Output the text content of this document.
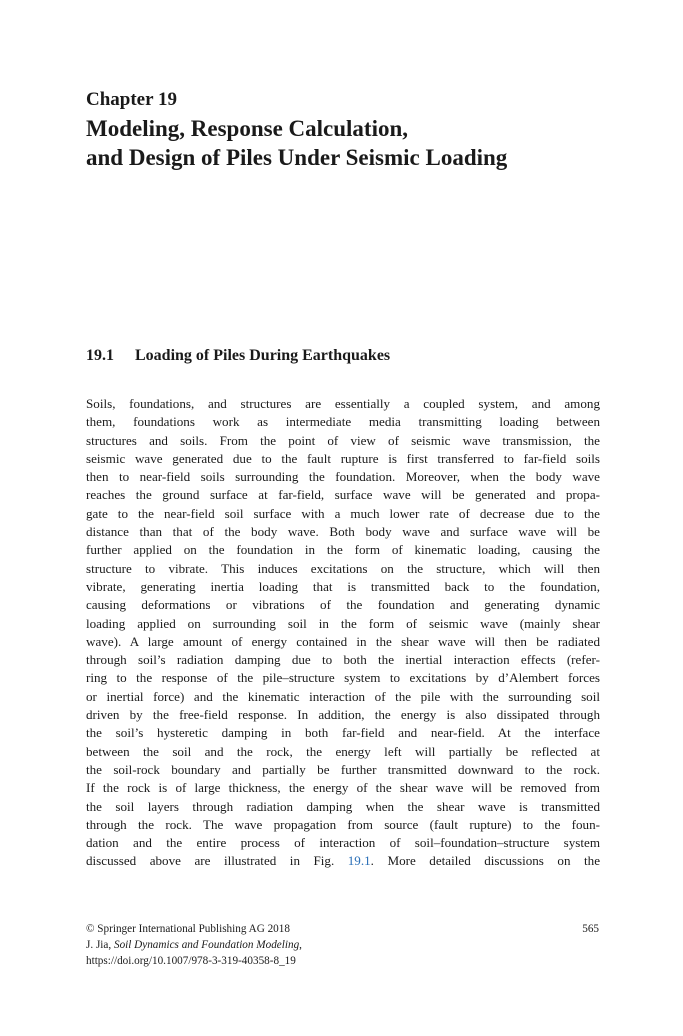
Chapter 19
Modeling, Response Calculation,
and Design of Piles Under Seismic Loading
19.1 Loading of Piles During Earthquakes
Soils, foundations, and structures are essentially a coupled system, and among
them, foundations work as intermediate media transmitting loading between
structures and soils. From the point of view of seismic wave transmission, the
seismic wave generated due to the fault rupture is first transferred to far-field soils
then to near-field soils surrounding the foundation. Moreover, when the body wave
reaches the ground surface at far-field, surface wave will be generated and propa-
gate to the near-field soil surface with a much lower rate of decrease due to the
distance than that of the body wave. Both body wave and surface wave will be
further applied on the foundation in the form of kinematic loading, causing the
structure to vibrate. This induces excitations on the structure, which will then
vibrate, generating inertia loading that is transmitted back to the foundation,
causing deformations or vibrations of the foundation and generating dynamic
loading applied on surrounding soil in the form of seismic wave (mainly shear
wave). A large amount of energy contained in the shear wave will then be radiated
through soil’s radiation damping due to both the inertial interaction effects (refer-
ring to the response of the pile–structure system to excitations by d’Alembert forces
or inertial force) and the kinematic interaction of the pile with the surrounding soil
driven by the free-field response. In addition, the energy is also dissipated through
the soil’s hysteretic damping in both far-field and near-field. At the interface
between the soil and the rock, the energy left will partially be reflected at
the soil-rock boundary and partially be further transmitted downward to the rock.
If the rock is of large thickness, the energy of the shear wave will be removed from
the soil layers through radiation damping when the shear wave is transmitted
through the rock. The wave propagation from source (fault rupture) to the foun-
dation and the entire process of interaction of soil–foundation–structure system
discussed above are illustrated in Fig. 19.1. More detailed discussions on the
© Springer International Publishing AG 2018
J. Jia, Soil Dynamics and Foundation Modeling,
https://doi.org/10.1007/978-3-319-40358-8_19
565
